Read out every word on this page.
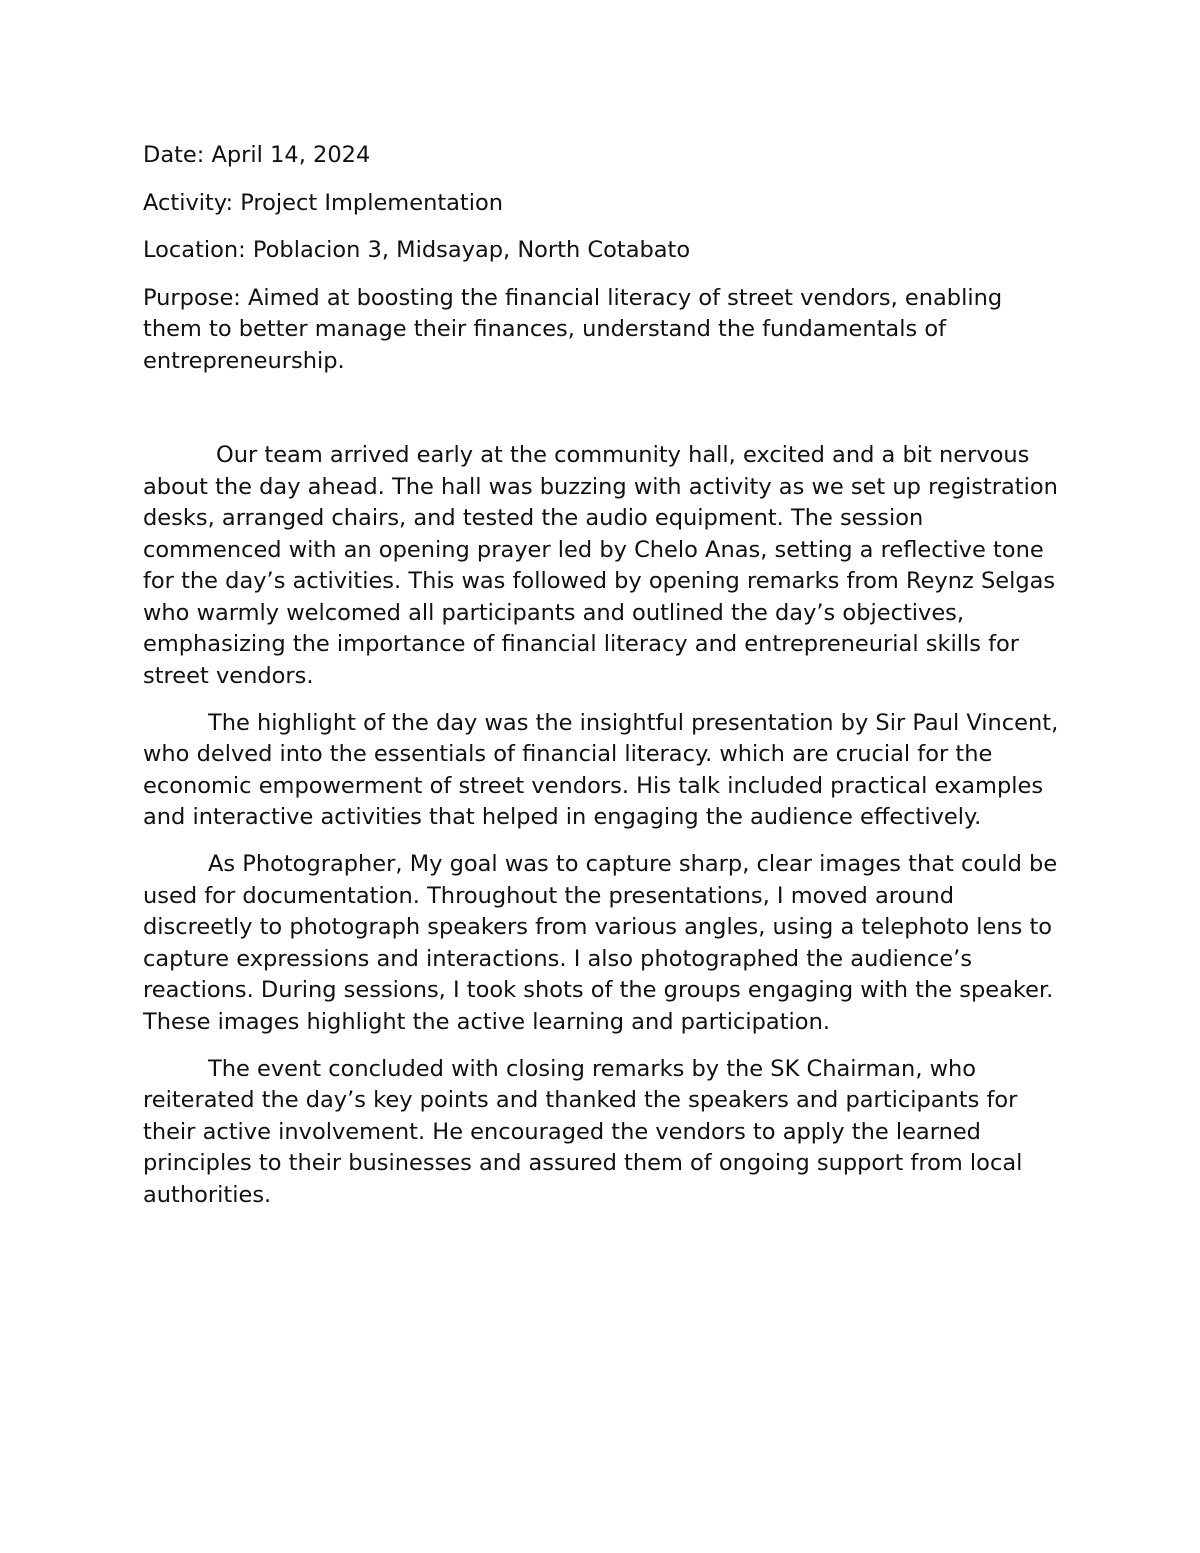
Date: April 14, 2024

Activity: Project Implementation

Location: Poblacion 3, Midsayap, North Cotabato

Purpose: Aimed at boosting the financial literacy of street vendors, enabling them to better manage their finances, understand the fundamentals of entrepreneurship.

Our team arrived early at the community hall, excited and a bit nervous about the day ahead. The hall was buzzing with activity as we set up registration desks, arranged chairs, and tested the audio equipment. The session commenced with an opening prayer led by Chelo Anas, setting a reflective tone for the day’s activities. This was followed by opening remarks from Reynz Selgas who warmly welcomed all participants and outlined the day’s objectives, emphasizing the importance of financial literacy and entrepreneurial skills for street vendors.

The highlight of the day was the insightful presentation by Sir Paul Vincent, who delved into the essentials of financial literacy. which are crucial for the economic empowerment of street vendors. His talk included practical examples and interactive activities that helped in engaging the audience effectively.

As Photographer, My goal was to capture sharp, clear images that could be used for documentation. Throughout the presentations, I moved around discreetly to photograph speakers from various angles, using a telephoto lens to capture expressions and interactions. I also photographed the audience’s reactions. During sessions, I took shots of the groups engaging with the speaker. These images highlight the active learning and participation.

The event concluded with closing remarks by the SK Chairman, who reiterated the day’s key points and thanked the speakers and participants for their active involvement. He encouraged the vendors to apply the learned principles to their businesses and assured them of ongoing support from local authorities.
